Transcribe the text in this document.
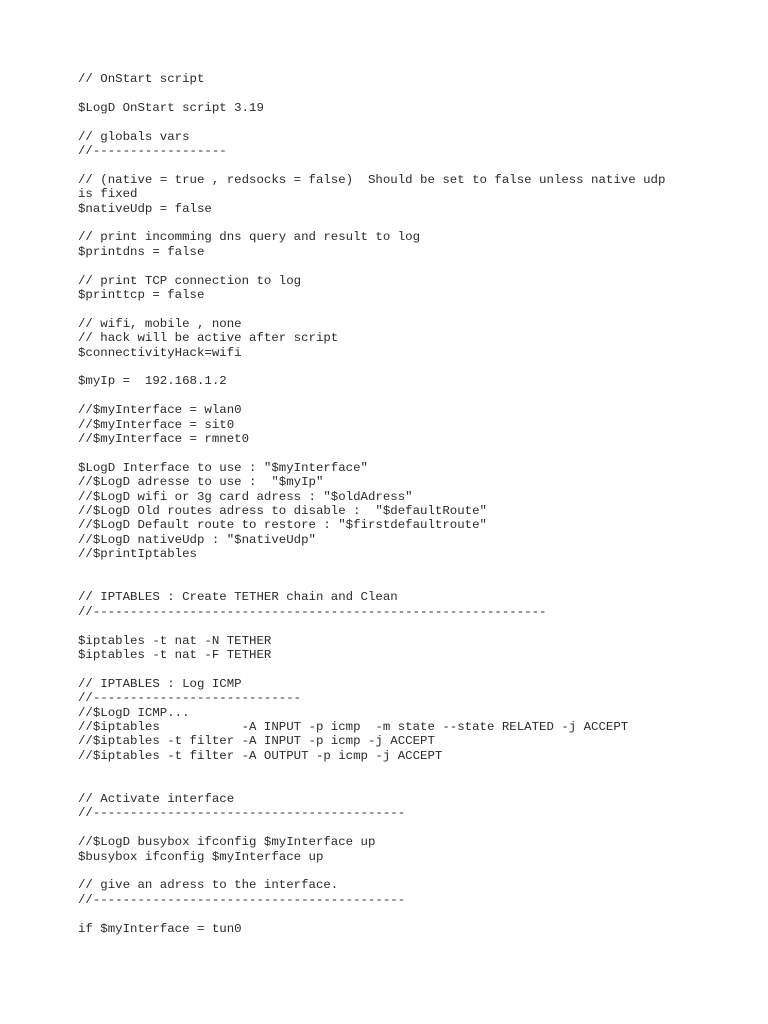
// OnStart script
$LogD OnStart script 3.19
// globals vars
//------------------
// (native = true , redsocks = false)  Should be set to false unless native udp
is fixed
$nativeUdp = false
// print incomming dns query and result to log
$printdns = false
// print TCP connection to log
$printtcp = false
// wifi, mobile , none
// hack will be active after script
$connectivityHack=wifi
$myIp =  192.168.1.2
//$myInterface = wlan0
//$myInterface = sit0
//$myInterface = rmnet0
$LogD Interface to use : "$myInterface"
//$LogD adresse to use :  "$myIp"
//$LogD wifi or 3g card adress : "$oldAdress"
//$LogD Old routes adress to disable :  "$defaultRoute"
//$LogD Default route to restore : "$firstdefaultroute"
//$LogD nativeUdp : "$nativeUdp"
//$printIptables
// IPTABLES : Create TETHER chain and Clean
//-------------------------------------------------------------
$iptables -t nat -N TETHER
$iptables -t nat -F TETHER
// IPTABLES : Log ICMP
//----------------------------
//$LogD ICMP...
//$iptables           -A INPUT -p icmp  -m state --state RELATED -j ACCEPT
//$iptables -t filter -A INPUT -p icmp -j ACCEPT
//$iptables -t filter -A OUTPUT -p icmp -j ACCEPT
// Activate interface
//------------------------------------------
//$LogD busybox ifconfig $myInterface up
$busybox ifconfig $myInterface up
// give an adress to the interface.
//------------------------------------------
if $myInterface = tun0
